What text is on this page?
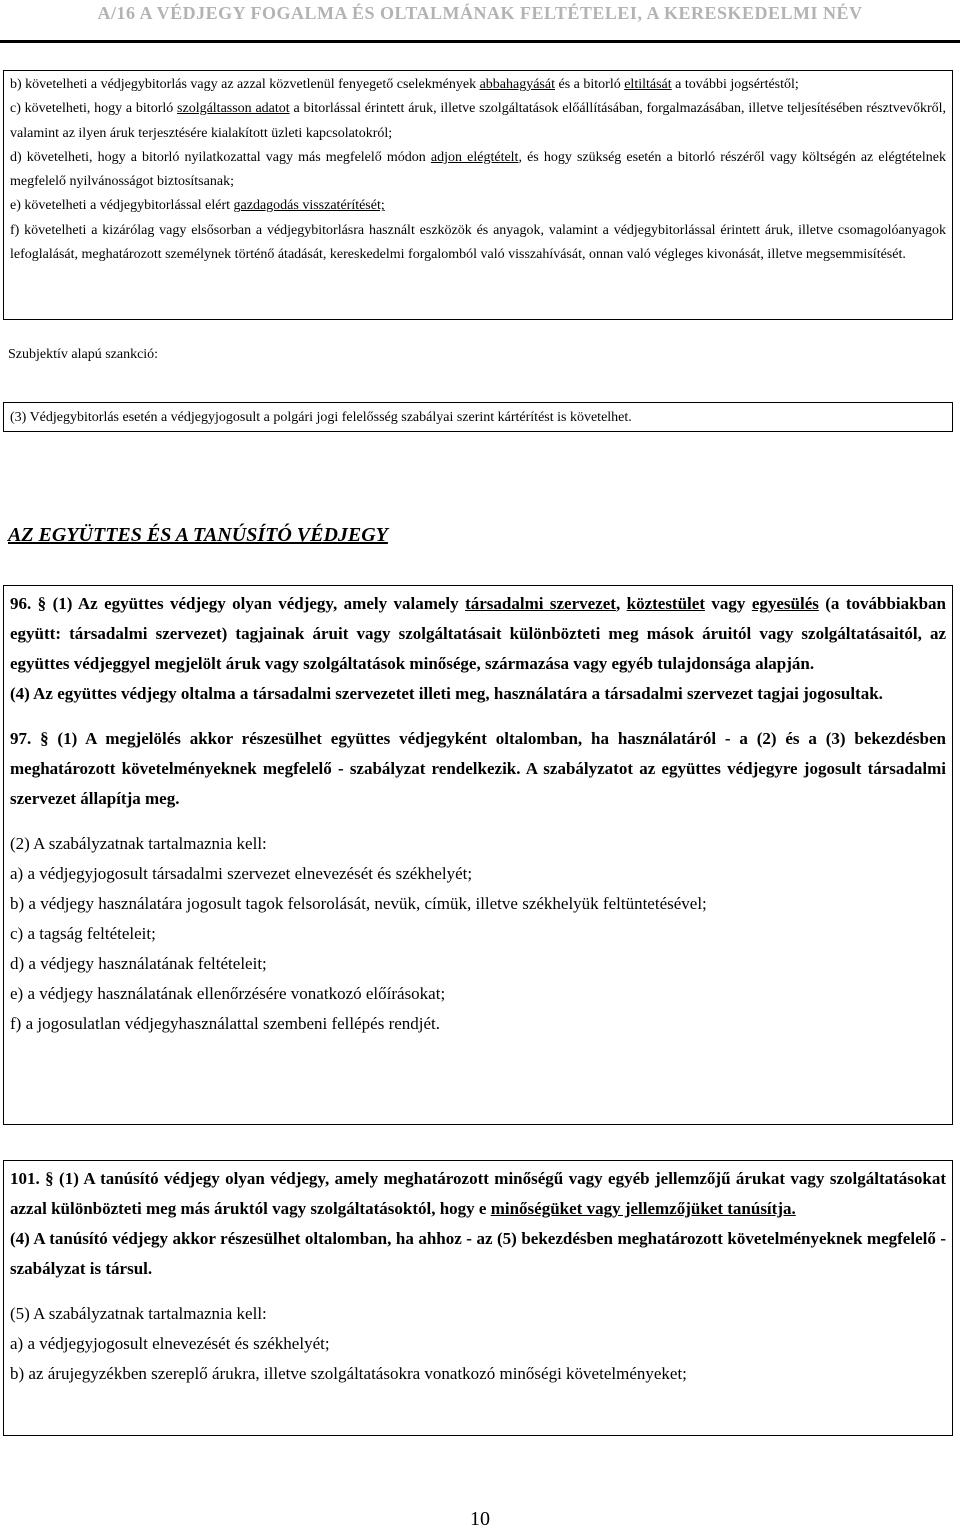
A/16 A VÉDJEGY FOGALMA ÉS OLTALMÁNAK FELTÉTELEI, A KERESKEDELMI NÉV

b) követelheti a védjegybitorlás vagy az azzal közvetlenül fenyegető cselekmények abbahagyását és a bitorló eltiltását a további jogsértéstől;

c) követelheti, hogy a bitorló szolgáltasson adatot a bitorlással érintett áruk, illetve szolgáltatások előállításában, forgalmazásában, illetve teljesítésében résztvevőkről, valamint az ilyen áruk terjesztésére kialakított üzleti kapcsolatokról;

d) követelheti, hogy a bitorló nyilatkozattal vagy más megfelelő módon adjon elégtételt, és hogy szükség esetén a bitorló részéről vagy költségén az elégtételnek megfelelő nyilvánosságot biztosítsanak;

e) követelheti a védjegybitorlással elért gazdagodás visszatérítését;

f) követelheti a kizárólag vagy elsősorban a védjegybitorlásra használt eszközök és anyagok, valamint a védjegybitorlással érintett áruk, illetve csomagolóanyagok lefoglalását, meghatározott személynek történő átadását, kereskedelmi forgalomból való visszahívását, onnan való végleges kivonását, illetve megsemmisítését.

Szubjektív alapú szankció:

(3) Védjegybitorlás esetén a védjegyjogosult a polgári jogi felelősség szabályai szerint kártérítést is követelhet.

AZ EGYÜTTES ÉS A TANÚSÍTÓ VÉDJEGY

96. § (1) Az együttes védjegy olyan védjegy, amely valamely társadalmi szervezet, köztestület vagy egyesülés (a továbbiakban együtt: társadalmi szervezet) tagjainak áruit vagy szolgáltatásait különbözteti meg mások áruitól vagy szolgáltatásaitól, az együttes védjeggyel megjelölt áruk vagy szolgáltatások minősége, származása vagy egyéb tulajdonsága alapján.

(4) Az együttes védjegy oltalma a társadalmi szervezetet illeti meg, használatára a társadalmi szervezet tagjai jogosultak.

97. § (1) A megjelölés akkor részesülhet együttes védjegyként oltalomban, ha használatáról - a (2) és a (3) bekezdésben meghatározott követelményeknek megfelelő - szabályzat rendelkezik. A szabályzatot az együttes védjegyre jogosult társadalmi szervezet állapítja meg.

(2) A szabályzatnak tartalmaznia kell:

a) a védjegyjogosult társadalmi szervezet elnevezését és székhelyét;

b) a védjegy használatára jogosult tagok felsorolását, nevük, címük, illetve székhelyük feltüntetésével;

c) a tagság feltételeit;

d) a védjegy használatának feltételeit;

e) a védjegy használatának ellenőrzésére vonatkozó előírásokat;

f) a jogosulatlan védjegyhasználattal szembeni fellépés rendjét.

101. § (1) A tanúsító védjegy olyan védjegy, amely meghatározott minőségű vagy egyéb jellemzőjű árukat vagy szolgáltatásokat azzal különbözteti meg más áruktól vagy szolgáltatásoktól, hogy e minőségüket vagy jellemzőjüket tanúsítja.

(4) A tanúsító védjegy akkor részesülhet oltalomban, ha ahhoz - az (5) bekezdésben meghatározott követelményeknek megfelelő - szabályzat is társul.

(5) A szabályzatnak tartalmaznia kell:

a) a védjegyjogosult elnevezését és székhelyét;

b) az árujegyzékben szereplő árukra, illetve szolgáltatásokra vonatkozó minőségi követelményeket;

10
